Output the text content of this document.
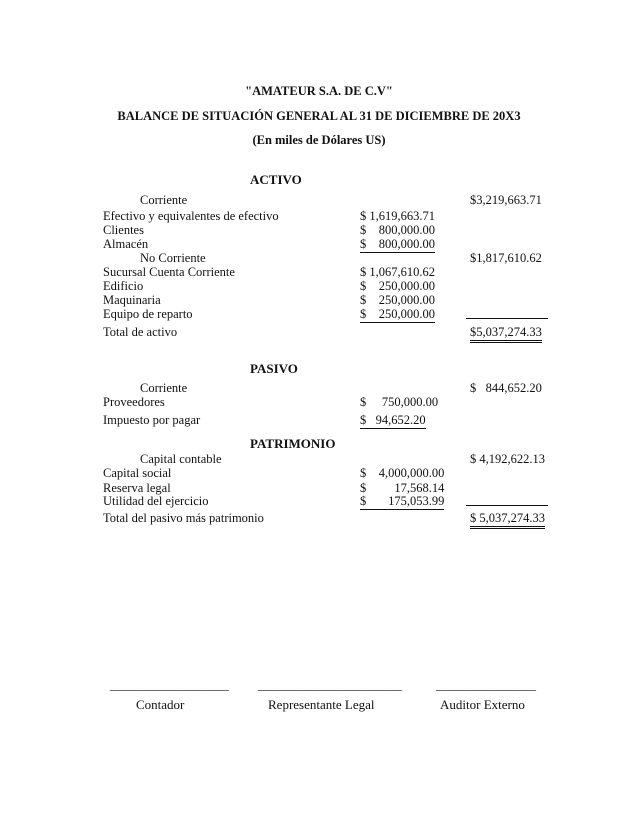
"AMATEUR S.A. DE C.V"
BALANCE DE SITUACIÓN GENERAL AL 31 DE DICIEMBRE DE 20X3
(En miles de Dólares US)
ACTIVO
Corriente	$3,219,663.71
Efectivo y equivalentes de efectivo	$ 1,619,663.71
Clientes	$    800,000.00
Almacén	$    800,000.00
No Corriente	$1,817,610.62
Sucursal Cuenta Corriente	$ 1,067,610.62
Edificio	$    250,000.00
Maquinaria	$    250,000.00
Equipo de reparto	$    250,000.00
Total de activo	$5,037,274.33
PASIVO
Corriente	$   844,652.20
Proveedores	$     750,000.00
Impuesto por pagar	$   94,652.20
PATRIMONIO
Capital contable	$ 4,192,622.13
Capital social	$    4,000,000.00
Reserva legal	$         17,568.14
Utilidad del ejercicio	$       175,053.99
Total del pasivo más patrimonio	$ 5,037,274.33
___________________ _______________________	________________
Contador	Representante Legal	Auditor Externo
